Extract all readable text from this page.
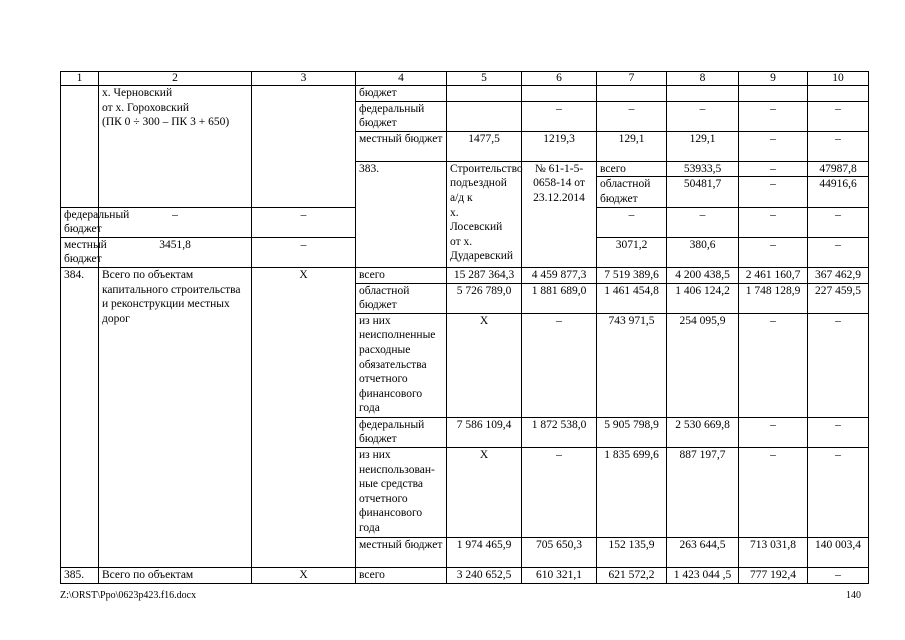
1	2	3	4	5	6	7	8	9	10	
	х. Черновский
от х. Гороховский
(ПК 0 ÷ 300 – ПК 3 + 650)		бюджет							
			федеральный бюджет		–	–	–	–	–	
			местный бюджет	1477,5	1219,3	129,1	129,1	–	–	
			383.	Строительство подъездной а/д к х. Лосевский от х. Дударевский	№ 61-1-5-0658-14 от 23.12.2014	всего	53933,5	–	47987,8			
						областной бюджет	50481,7	–	44916,6			
федеральный бюджет	–	–				–	–	–	–	
местный бюджет	3451,8	–				3071,2	380,6	–	–	
384.	Всего по объектам капитального строительства и реконструкции местных дорог	Х	всего	15 287 364,3	4 459 877,3	7 519 389,6	4 200 438,5	2 461 160,7	367 462,9	
			областной бюджет	5 726 789,0	1 881 689,0	1 461 454,8	1 406 124,2	1 748 128,9	227 459,5	
			из них неисполненные расходные обязательства отчетного финансового года	Х	–	743 971,5	254 095,9	–	–	
			федеральный бюджет	7 586 109,4	1 872 538,0	5 905 798,9	2 530 669,8	–	–	
			из них неиспользован-ные средства отчетного финансового года	Х	–	1 835 699,6	887 197,7	–	–	
			местный бюджет	1 974 465,9	705 650,3	152 135,9	263 644,5	713 031,8	140 003,4	
385.	Всего по объектам	Х	всего	3 240 652,5	610 321,1	621 572,2	1 423 044 ,5	777 192,4	–	
Z:\ORST\Ppo\0623p423.f16.docx	140
